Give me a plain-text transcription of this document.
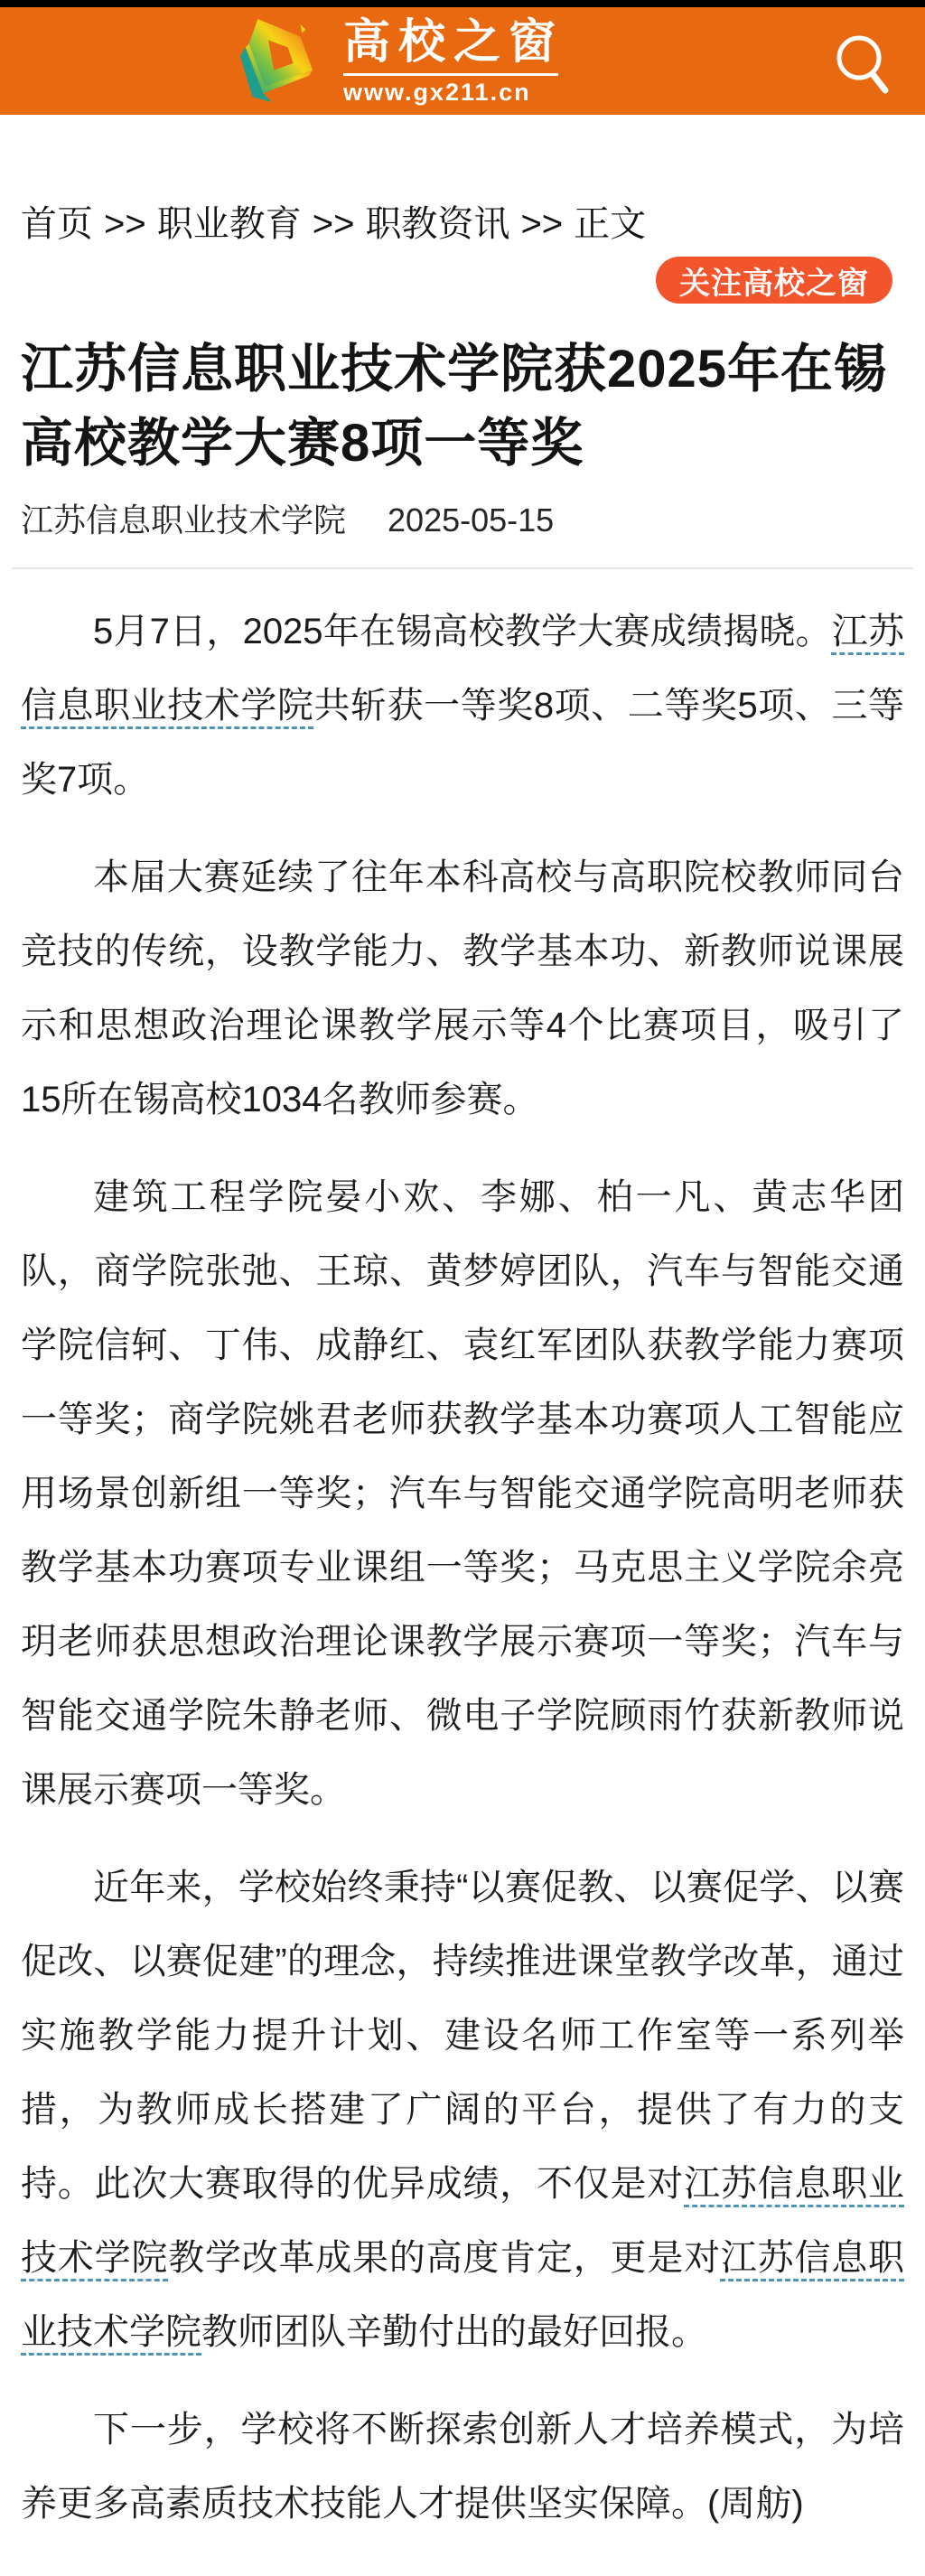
高校之窗
www.gx211.cn
首页 >> 职业教育 >> 职教资讯 >> 正文
关注高校之窗
江苏信息职业技术学院获2025年在锡高校教学大赛8项一等奖
江苏信息职业技术学院 2025-05-15

5月7日，2025年在锡高校教学大赛成绩揭晓。江苏信息职业技术学院共斩获一等奖8项、二等奖5项、三等奖7项。

本届大赛延续了往年本科高校与高职院校教师同台竞技的传统，设教学能力、教学基本功、新教师说课展示和思想政治理论课教学展示等4个比赛项目，吸引了15所在锡高校1034名教师参赛。

建筑工程学院晏小欢、李娜、柏一凡、黄志华团队，商学院张弛、王琼、黄梦婷团队，汽车与智能交通学院信轲、丁伟、成静红、袁红军团队获教学能力赛项一等奖；商学院姚君老师获教学基本功赛项人工智能应用场景创新组一等奖；汽车与智能交通学院高明老师获教学基本功赛项专业课组一等奖；马克思主义学院余亮玥老师获思想政治理论课教学展示赛项一等奖；汽车与智能交通学院朱静老师、微电子学院顾雨竹获新教师说课展示赛项一等奖。

近年来，学校始终秉持“以赛促教、以赛促学、以赛促改、以赛促建”的理念，持续推进课堂教学改革，通过实施教学能力提升计划、建设名师工作室等一系列举措，为教师成长搭建了广阔的平台，提供了有力的支持。此次大赛取得的优异成绩，不仅是对江苏信息职业技术学院教学改革成果的高度肯定，更是对江苏信息职业技术学院教师团队辛勤付出的最好回报。

下一步，学校将不断探索创新人才培养模式，为培养更多高素质技术技能人才提供坚实保障。(周舫)
